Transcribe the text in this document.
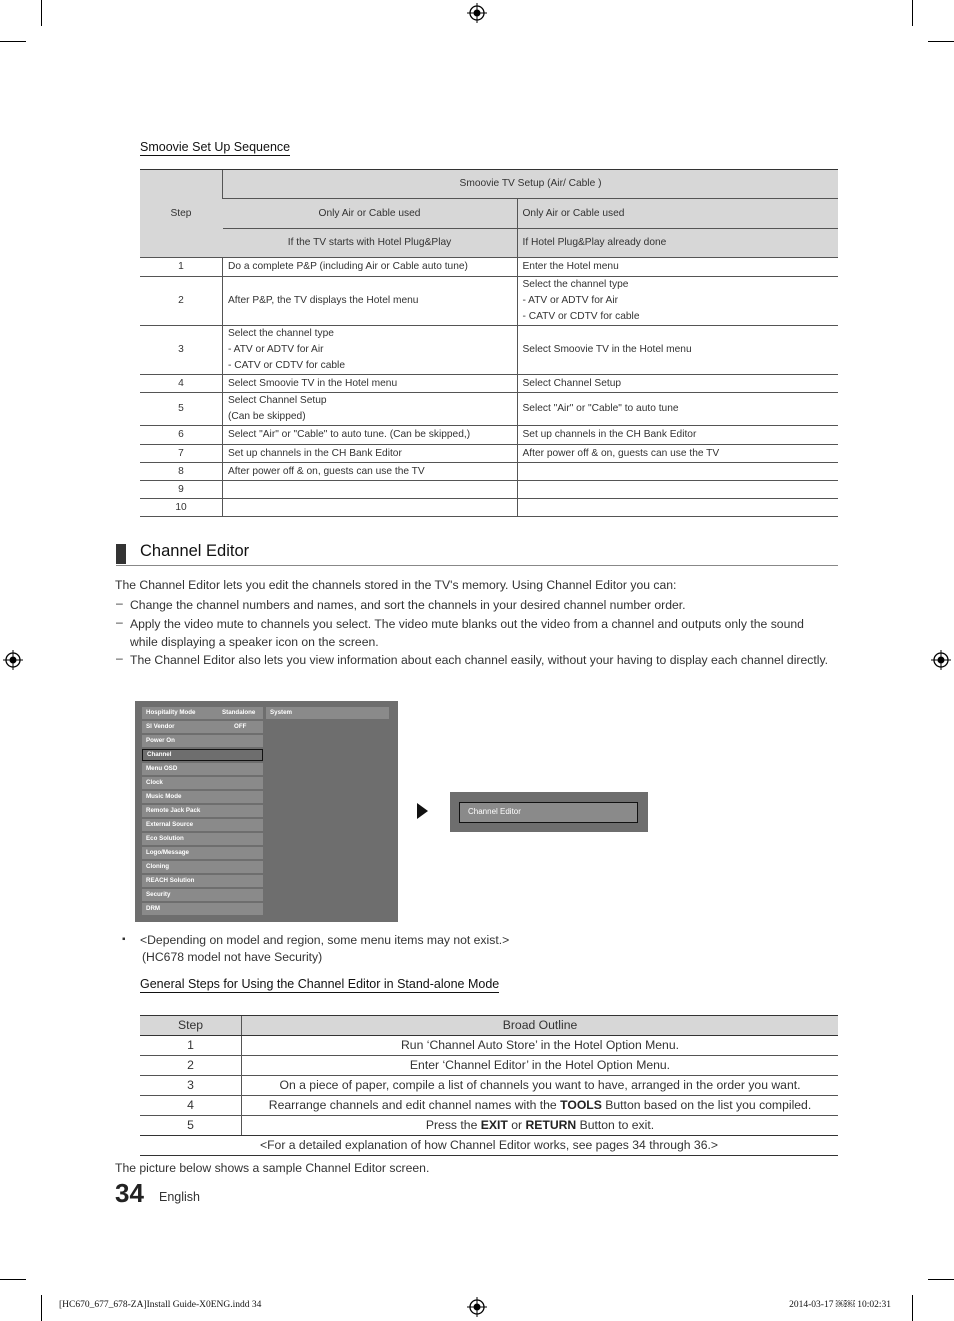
Smoovie Set Up Sequence
Step	Smoovie TV Setup (Air/ Cable )	
	Only Air or Cable used	Only Air or Cable used
	If the TV starts with Hotel Plug&Play	If Hotel Plug&Play already done
1	Do a complete P&P (including Air or Cable auto tune)	Enter the Hotel menu

2	After P&P, the TV displays the Hotel menu	Select the channel type
- ATV or ADTV for Air
- CATV or CDTV for cable

3	Select the channel type
- ATV or ADTV for Air
- CATV or CDTV for cable	Select Smoovie TV in the Hotel menu

4	Select Smoovie TV in the Hotel menu	Select Channel Setup

5	Select Channel Setup
(Can be skipped)	Select "Air" or "Cable" to auto tune

6	Select "Air" or "Cable" to auto tune. (Can be skipped,)	Set up channels in the CH Bank Editor

7	Set up channels in the CH Bank Editor	After power off & on, guests can use the TV

8	After power off & on, guests can use the TV	

9	

10	

Channel Editor
The Channel Editor lets you edit the channels stored in the TV's memory. Using Channel Editor you can:
– Change the channel numbers and names, and sort the channels in your desired channel number order.
– Apply the video mute to channels you select. The video mute blanks out the video from a channel and outputs only the sound while displaying a speaker icon on the screen.
– The Channel Editor also lets you view information about each channel easily, without your having to display each channel directly.
System
Hospitality Mode	Standalone
SI Vendor	OFF
Power On
Channel
Menu OSD
Clock
Music Mode
Remote Jack Pack
External Source
Eco Solution
Logo/Message
Cloning
REACH Solution
Security
DRM
Channel Editor
▪ <Depending on model and region, some menu items may not exist.>
(HC678 model not have Security)
General Steps for Using the Channel Editor in Stand-alone Mode
Step	Broad Outline
1	Run ‘Channel Auto Store’ in the Hotel Option Menu.
2	Enter ‘Channel Editor’ in the Hotel Option Menu.
3	On a piece of paper, compile a list of channels you want to have, arranged in the order you want.
4	Rearrange channels and edit channel names with the TOOLS Button based on the list you compiled.
5	Press the EXIT or RETURN Button to exit.
<For a detailed explanation of how Channel Editor works, see pages 34 through 36.>	
The picture below shows a sample Channel Editor screen.
34 English
[HC670_677_678-ZA]Install Guide-X0ENG.indd 34	2014-03-17 ￼￼ 10:02:31
